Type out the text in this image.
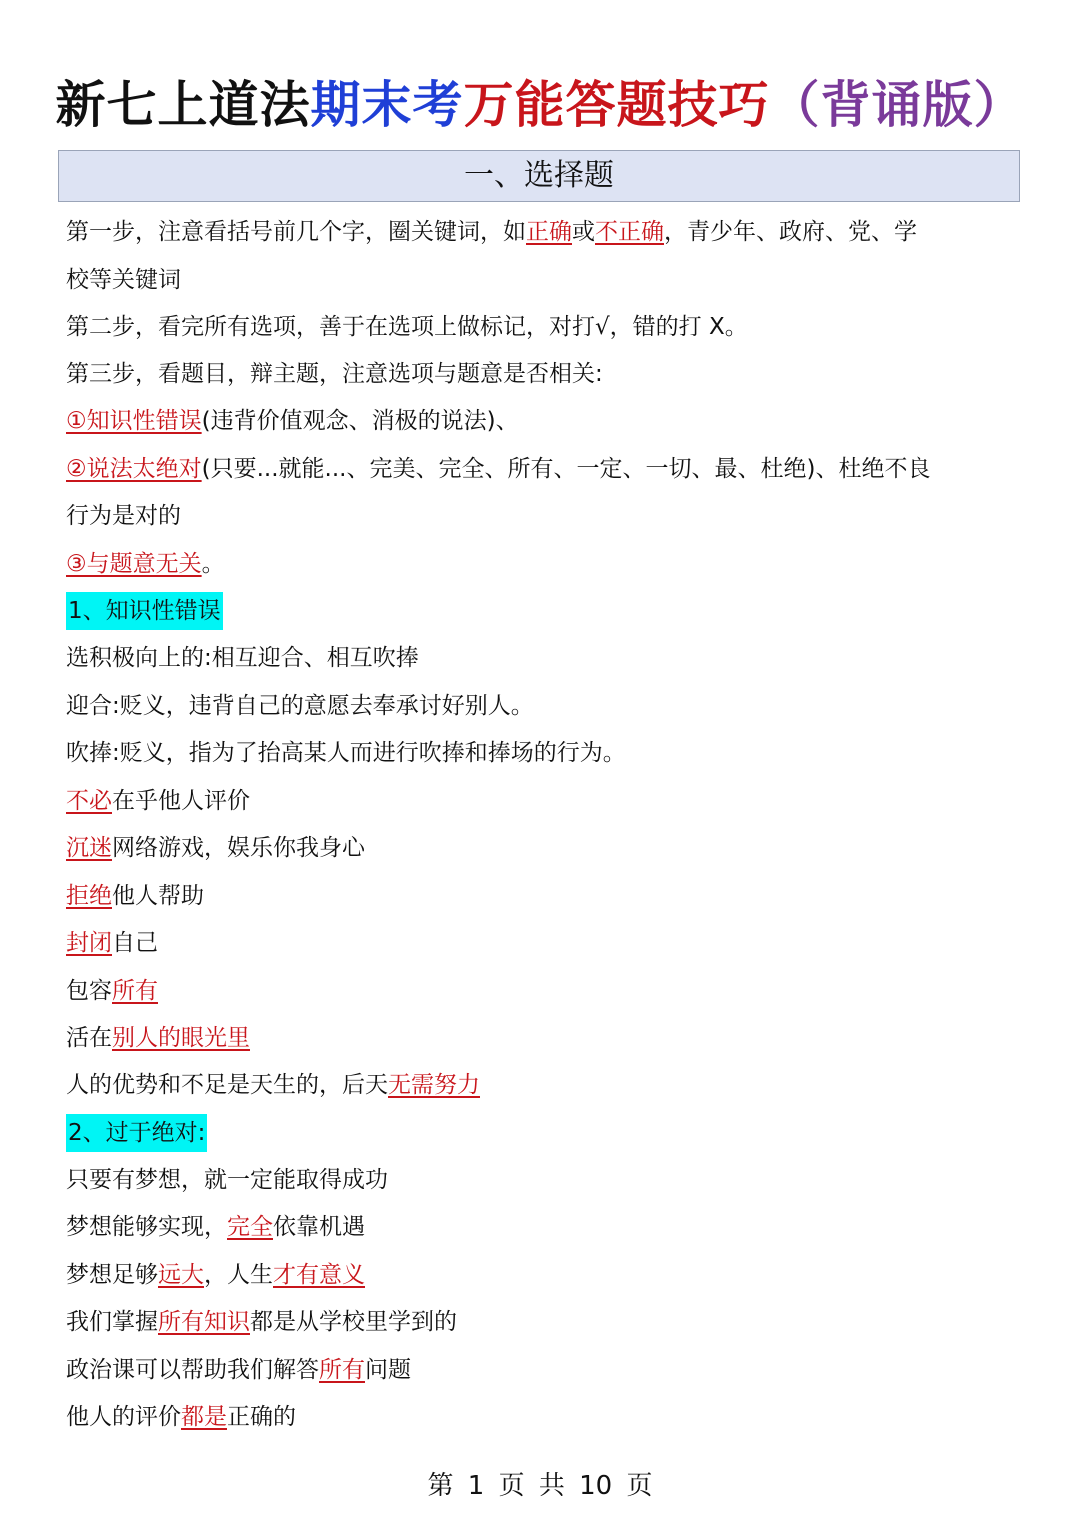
新七上道法期末考万能答题技巧（背诵版）
一、选择题
第一步，注意看括号前几个字，圈关键词，如正确或不正确，青少年、政府、党、学
校等关键词
第二步，看完所有选项，善于在选项上做标记，对打√，错的打 X。
第三步，看题目，辩主题，注意选项与题意是否相关:
①知识性错误(违背价值观念、消极的说法)、
②说法太绝对(只要...就能...、完美、完全、所有、一定、一切、最、杜绝)、杜绝不良
行为是对的
③与题意无关。
1、知识性错误
选积极向上的:相互迎合、相互吹捧
迎合:贬义，违背自己的意愿去奉承讨好别人。
吹捧:贬义，指为了抬高某人而进行吹捧和捧场的行为。
不必在乎他人评价
沉迷网络游戏，娱乐你我身心
拒绝他人帮助
封闭自己
包容所有
活在别人的眼光里
人的优势和不足是天生的，后天无需努力
2、过于绝对:
只要有梦想，就一定能取得成功
梦想能够实现，完全依靠机遇
梦想足够远大，人生才有意义
我们掌握所有知识都是从学校里学到的
政治课可以帮助我们解答所有问题
他人的评价都是正确的
第 1 页 共 10 页
